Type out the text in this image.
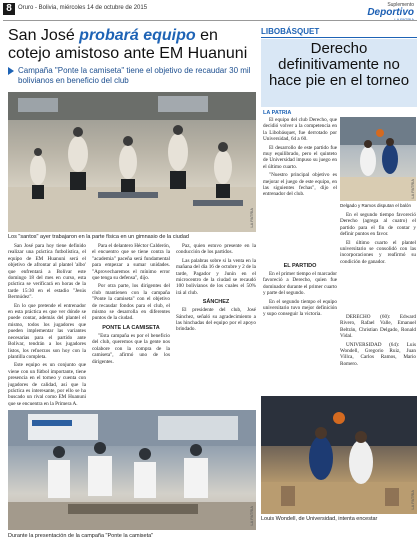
8	Oruro - Bolivia, miércoles 14 de octubre de 2015	Suplemento
Deportivo
San José probará equipo en cotejo amistoso ante EM Huanuni
Campaña "Ponte la camiseta" tiene el objetivo de recaudar 30 mil bolivianos en beneficio del club
LA PATRIA
Los "santos" ayer trabajaron en la parte física en un gimnasio de la ciudad

San José para hoy tiene definido realizar una práctica futbolística, el equipo de EM Huanuni será el objetivo de afrontar al plantel 'albo' que enfrentará a Bolívar este domingo 18 del mes en curso, esta práctica se verificará en horas de la tarde 15:30 en el estadio "Jesús Bermúdez".

En lo que pretende el entrenador en esta práctica es que ver dónde se puede contar, además del plantel el mismo, todos los jugadores que pueden implementar las variantes necesarias para el partido ante Bolívar, tendrán a los jugadores listos, los refuerzos son hoy con la plantilla completa.

Este equipo es un conjunto que viene con un fútbol importante, tiene presencia en el torneo y cuenta con jugadores de calidad, así que la práctica es interesante, por ello se ha buscado un rival como EM Huanuni que se encuentra en la Primera A.

Para el delantero Héctor Calderón, el encuentro que se tiene contra la "academia" paceña será fundamental para empezar a sumar unidades. "Aprovecharemos el mínimo error que tenga su defensa", dijo.

Por otra parte, los dirigentes del club mantienen con la campaña "Ponte la camiseta" con el objetivo de recaudar fondos para el club, el mismo se desarrolla en diferentes puntos de la ciudad.

PONTE LA CAMISETA

"Esta campaña es por el beneficio del club, queremos que la gente nos colabore con la compra de la camiseta", afirmó uno de los dirigentes.

Paz, quien estuvo presente en la conducción de los partidos.

Las palabras sobre si la venta en la mañana del día 16 de octubre y 2 de la tarde, Pagador y Junín en el microcentro de la ciudad se recaudó 100 bolivianos de los cuales el 50% irá al club.

SÁNCHEZ

El presidente del club, José Sánchez, señaló su agradecimiento a las hinchadas del equipo por el apoyo brindado.

LA PATRIA
Durante la presentación de la campaña "Ponte la camiseta"
LIBOBÁSQUET
Derecho definitivamente no hace pie en el torneo
LA PATRIA

El equipo del club Derecho, que decidió volver a la competencia en la Libobásquet, fue derrotado por Universidad, 64 a 60.

El desarrollo de este partido fue muy equilibrado, pero el quinteto de Universidad impuso su juego en el último cuarto.

"Nuestro principal objetivo es mejorar el juego de este equipo, en las siguientes fechas", dijo el entrenador del club.

EL PARTIDO

En el primer tiempo el marcador favoreció a Derecho, quien fue dominador durante el primer cuarto y parte del segundo.

En el segundo tiempo el equipo universitario tuvo mejor definición y supo conseguir la victoria.

LA PATRIA
Delgado y Ramos disputan el balón

En el segundo tiempo favoreció Derecho (agrega al cuatro) el partido para el fin de contar y definir puntos en favor.

El último cuarto el plantel universitario se consolidó con las incorporaciones y reafirmó su condición de ganador.

DERECHO (60): Edward Rivero, Rafael Valle, Emanuel Beltrán, Christian Delgado, Ronald Vidal.

UNIVERSIDAD (64): Luis Wondell, Gregorio Ruiz, Juan Villca, Carlos Ramos, Mario Romero.

LA PATRIA
Louis Wondell, de Universidad, intenta encestar
